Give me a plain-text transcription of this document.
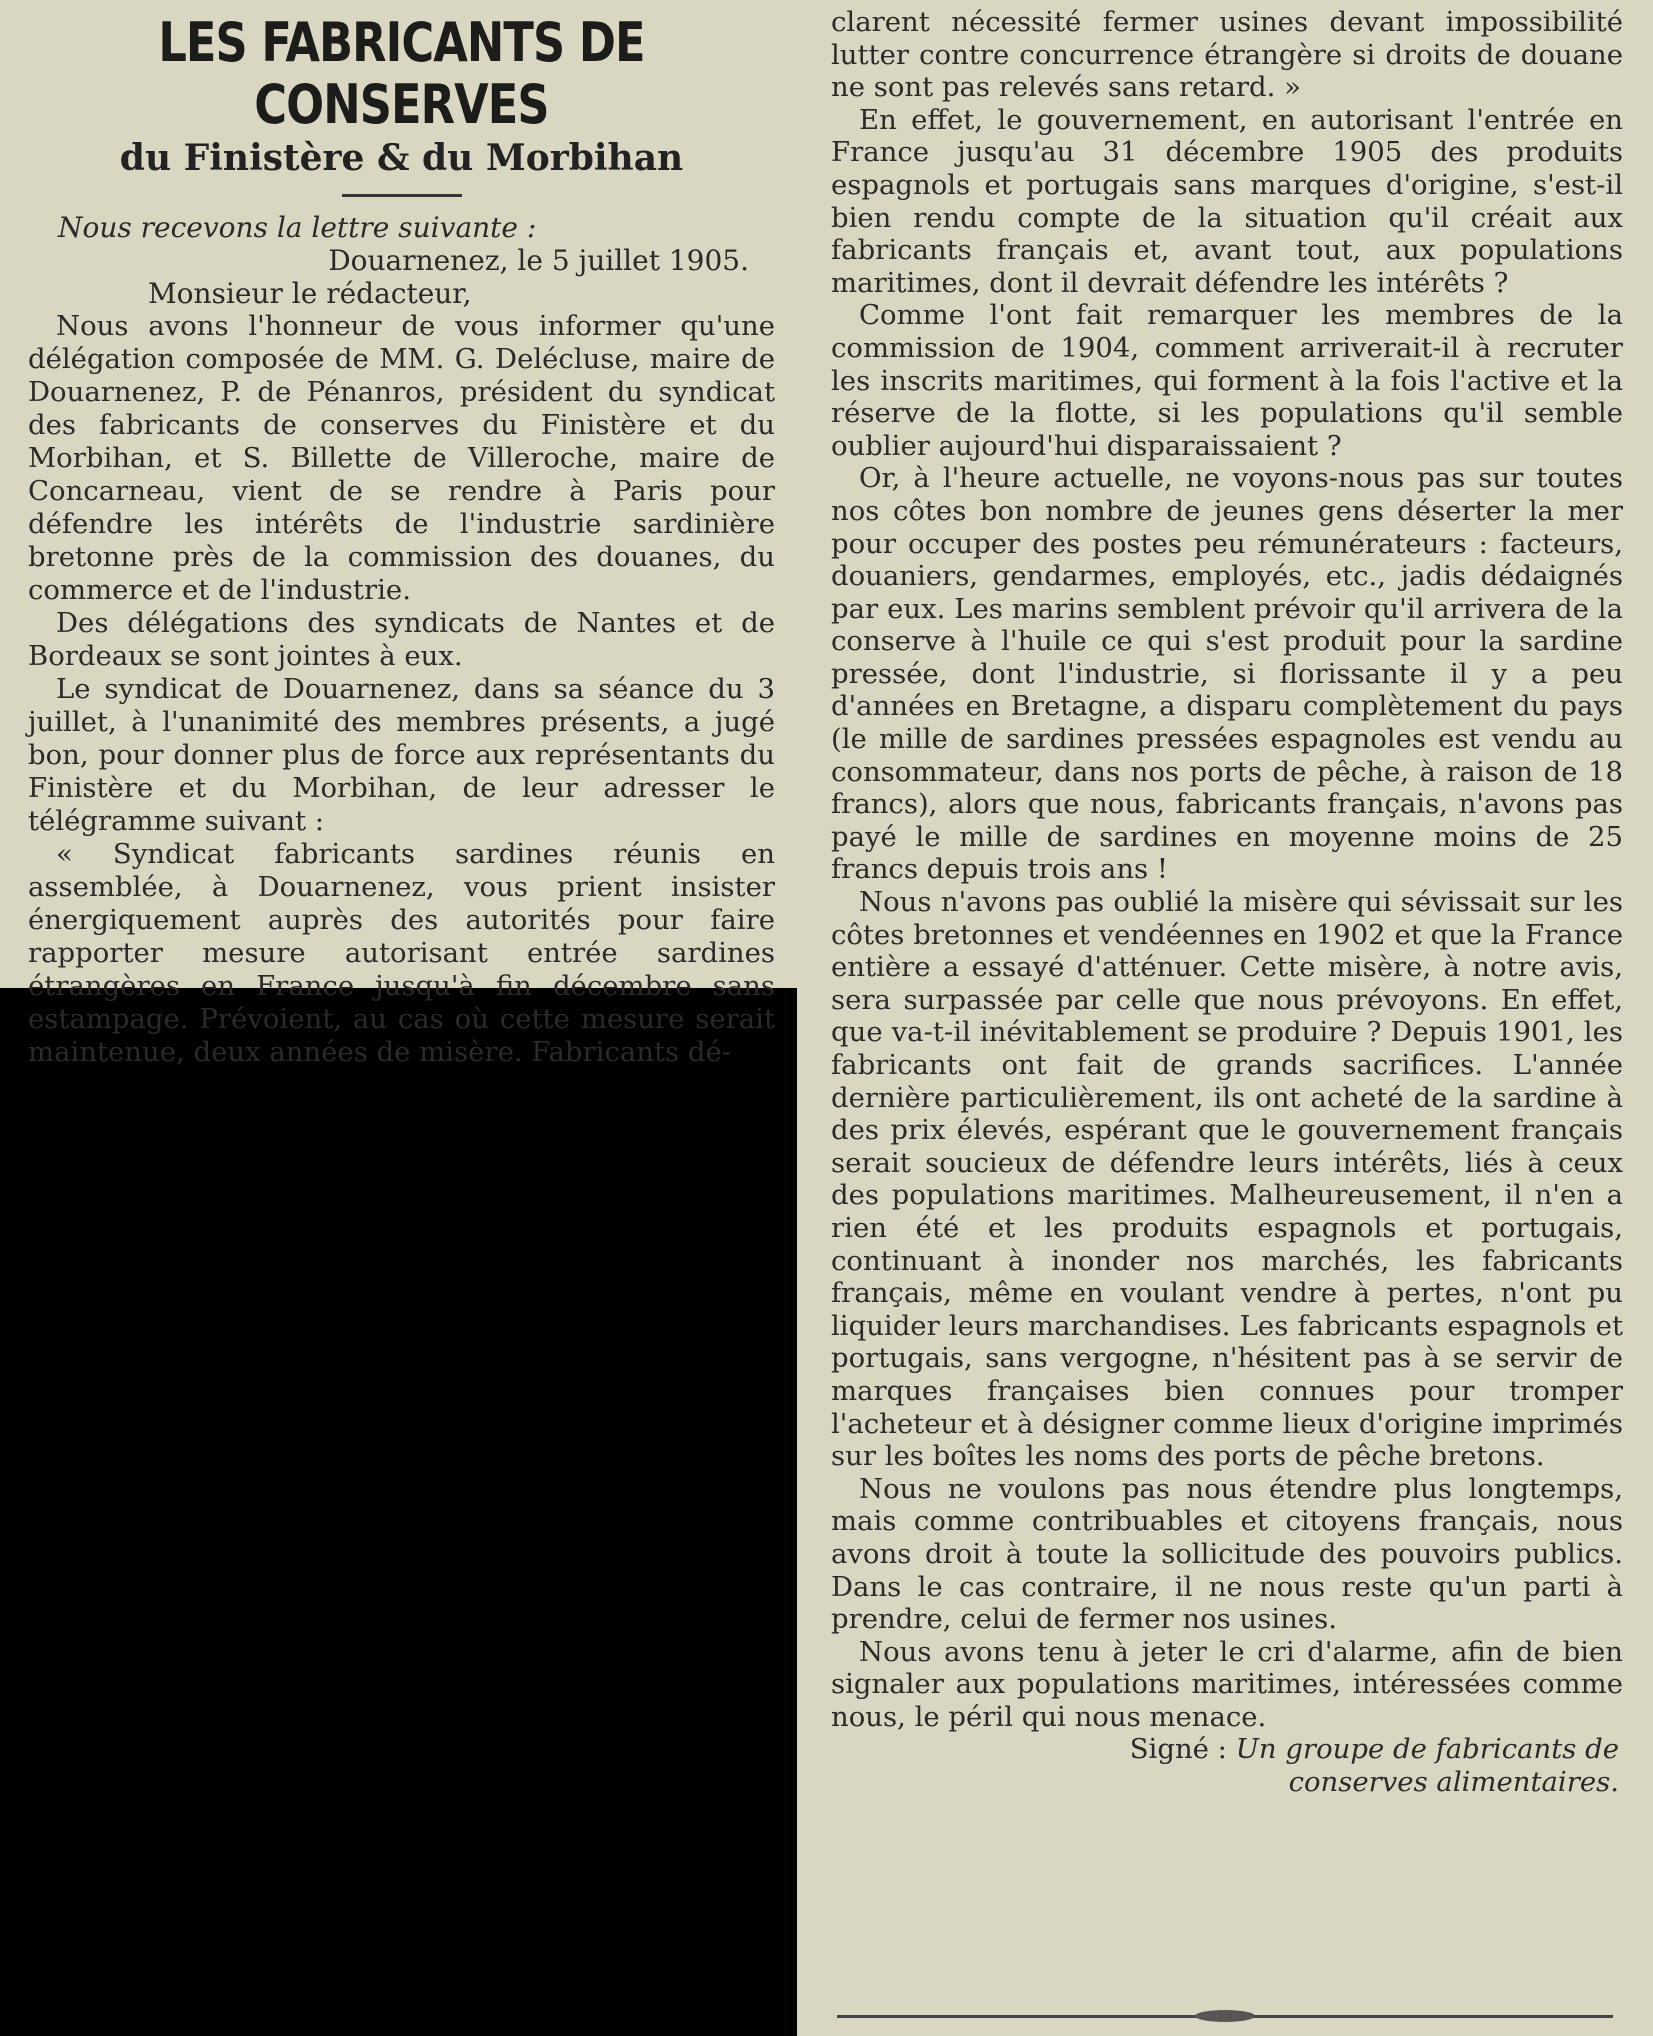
LES FABRICANTS DE CONSERVES
du Finistère & du Morbihan
Nous recevons la lettre suivante :
Douarnenez, le 5 juillet 1905.
Monsieur le rédacteur,

Nous avons l'honneur de vous informer qu'une délégation composée de MM. G. Delécluse, maire de Douarnenez, P. de Pénanros, président du syndicat des fabricants de conserves du Finistère et du Morbihan, et S. Billette de Villeroche, maire de Concarneau, vient de se rendre à Paris pour défendre les intérêts de l'industrie sardinière bretonne près de la commission des douanes, du commerce et de l'industrie.

Des délégations des syndicats de Nantes et de Bordeaux se sont jointes à eux.

Le syndicat de Douarnenez, dans sa séance du 3 juillet, à l'unanimité des membres présents, a jugé bon, pour donner plus de force aux représentants du Finistère et du Morbihan, de leur adresser le télégramme suivant :

« Syndicat fabricants sardines réunis en assemblée, à Douarnenez, vous prient insister énergiquement auprès des autorités pour faire rapporter mesure autorisant entrée sardines étrangères en France jusqu'à fin décembre sans estampage. Prévoient, au cas où cette mesure serait maintenue, deux années de misère. Fabricants dé-

clarent nécessité fermer usines devant impossibilité lutter contre concurrence étrangère si droits de douane ne sont pas relevés sans retard. »

En effet, le gouvernement, en autorisant l'entrée en France jusqu'au 31 décembre 1905 des produits espagnols et portugais sans marques d'origine, s'est-il bien rendu compte de la situation qu'il créait aux fabricants français et, avant tout, aux populations maritimes, dont il devrait défendre les intérêts ?

Comme l'ont fait remarquer les membres de la commission de 1904, comment arriverait-il à recruter les inscrits maritimes, qui forment à la fois l'active et la réserve de la flotte, si les populations qu'il semble oublier aujourd'hui disparaissaient ?

Or, à l'heure actuelle, ne voyons-nous pas sur toutes nos côtes bon nombre de jeunes gens déserter la mer pour occuper des postes peu rémunérateurs : facteurs, douaniers, gendarmes, employés, etc., jadis dédaignés par eux. Les marins semblent prévoir qu'il arrivera de la conserve à l'huile ce qui s'est produit pour la sardine pressée, dont l'industrie, si florissante il y a peu d'années en Bretagne, a disparu complètement du pays (le mille de sardines pressées espagnoles est vendu au consommateur, dans nos ports de pêche, à raison de 18 francs), alors que nous, fabricants français, n'avons pas payé le mille de sardines en moyenne moins de 25 francs depuis trois ans !

Nous n'avons pas oublié la misère qui sévissait sur les côtes bretonnes et vendéennes en 1902 et que la France entière a essayé d'atténuer. Cette misère, à notre avis, sera surpassée par celle que nous prévoyons. En effet, que va-t-il inévitablement se produire ? Depuis 1901, les fabricants ont fait de grands sacrifices. L'année dernière particulièrement, ils ont acheté de la sardine à des prix élevés, espérant que le gouvernement français serait soucieux de défendre leurs intérêts, liés à ceux des populations maritimes. Malheureusement, il n'en a rien été et les produits espagnols et portugais, continuant à inonder nos marchés, les fabricants français, même en voulant vendre à pertes, n'ont pu liquider leurs marchandises. Les fabricants espagnols et portugais, sans vergogne, n'hésitent pas à se servir de marques françaises bien connues pour tromper l'acheteur et à désigner comme lieux d'origine imprimés sur les boîtes les noms des ports de pêche bretons.

Nous ne voulons pas nous étendre plus longtemps, mais comme contribuables et citoyens français, nous avons droit à toute la sollicitude des pouvoirs publics. Dans le cas contraire, il ne nous reste qu'un parti à prendre, celui de fermer nos usines.

Nous avons tenu à jeter le cri d'alarme, afin de bien signaler aux populations maritimes, intéressées comme nous, le péril qui nous menace.

Signé : Un groupe de fabricants de
conserves alimentaires.
